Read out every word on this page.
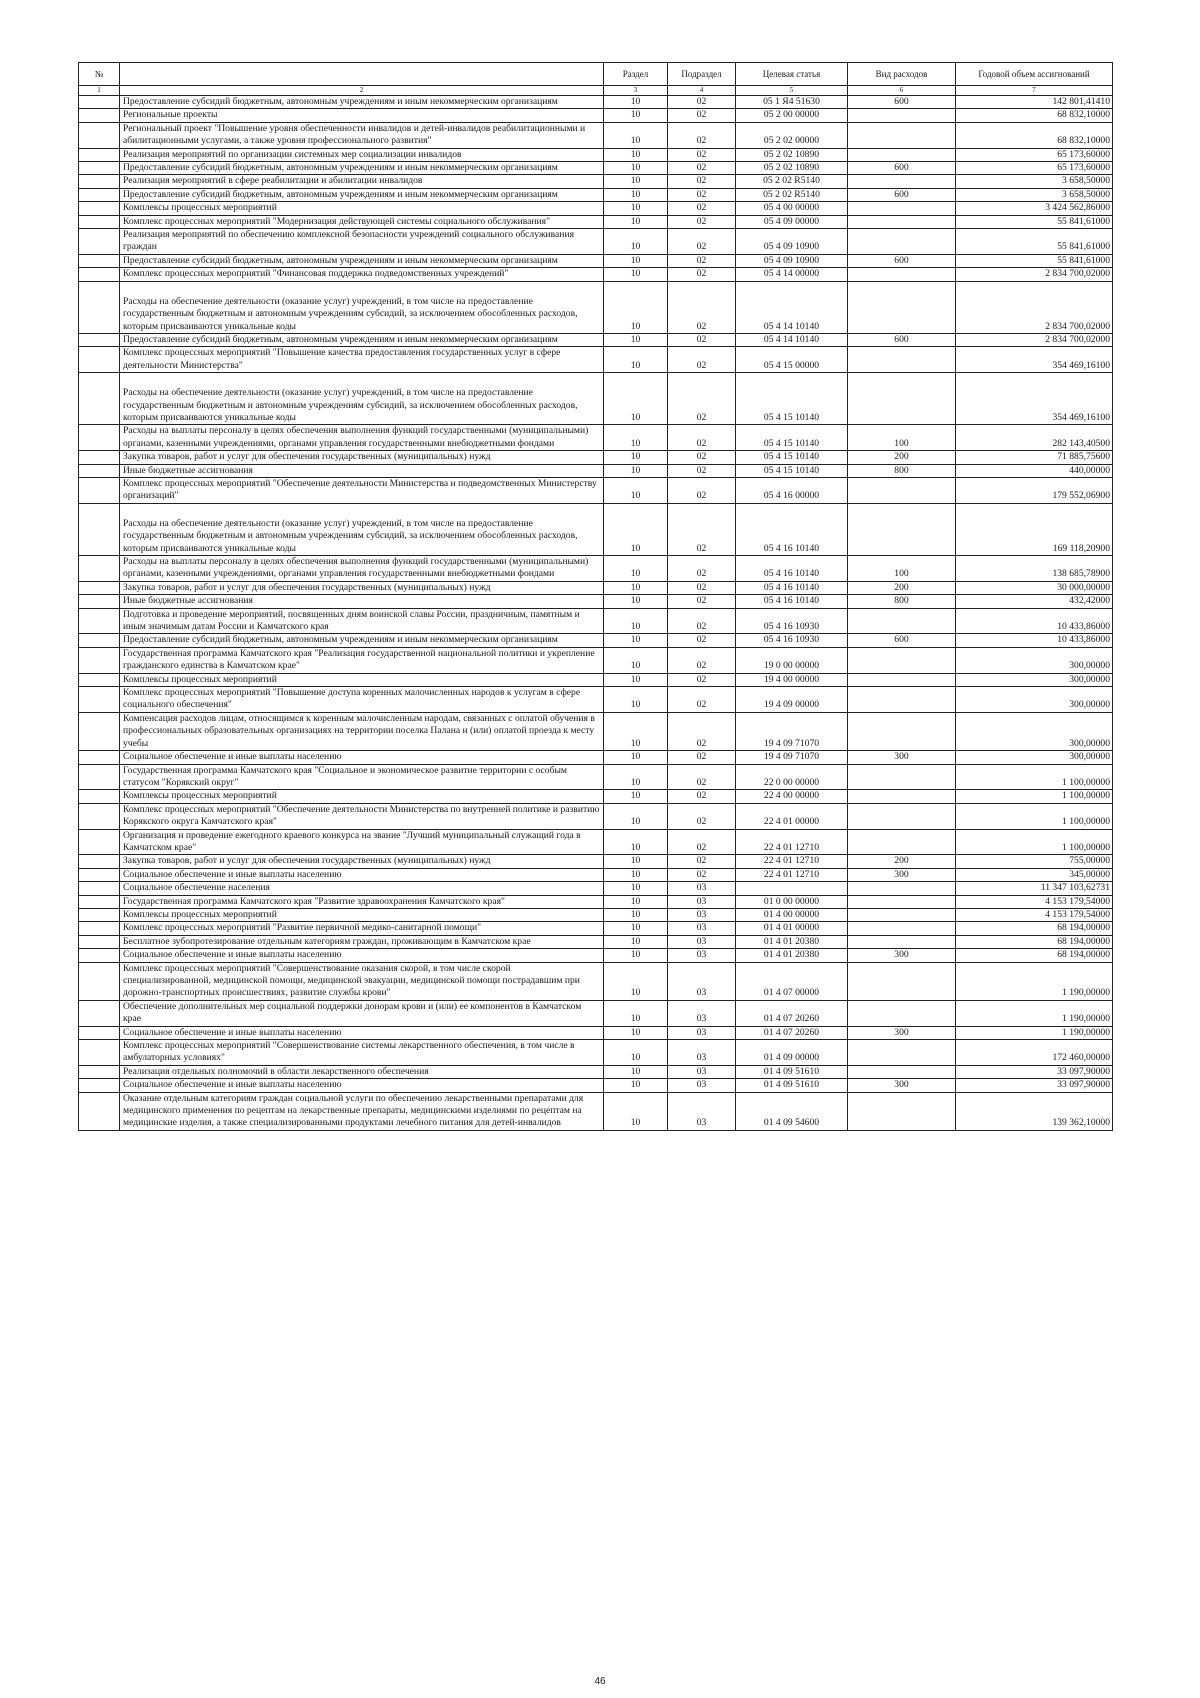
№		Раздел	Подраздел	Целевая статья	Вид расходов	Годовой объем ассигнований
1	2	3	4	5	6	7
	Предоставление субсидий бюджетным, автономным учреждениям и иным некоммерческим организациям	10	02	05 1 Я4 51630	600	142 801,41410
	Региональные проекты	10	02	05 2 00 00000		68 832,10000
	Региональный проект "Повышение уровня обеспеченности инвалидов и детей-инвалидов реабилитационными и абилитационными услугами, а также уровня профессионального развития"	10	02	05 2 02 00000		68 832,10000
	Реализация мероприятий по организации системных мер социализации инвалидов	10	02	05 2 02 10890		65 173,60000
	Предоставление субсидий бюджетным, автономным учреждениям и иным некоммерческим организациям	10	02	05 2 02 10890	600	65 173,60000
	Реализация мероприятий в сфере реабилитации и абилитации инвалидов	10	02	05 2 02 R5140		3 658,50000
	Предоставление субсидий бюджетным, автономным учреждениям и иным некоммерческим организациям	10	02	05 2 02 R5140	600	3 658,50000
	Комплексы процессных мероприятий	10	02	05 4 00 00000		3 424 562,86000
	Комплекс процессных мероприятий "Модернизация действующей системы социального обслуживания"	10	02	05 4 09 00000		55 841,61000
	Реализация мероприятий по обеспечению комплексной безопасности учреждений социального обслуживания граждан	10	02	05 4 09 10900		55 841,61000
	Предоставление субсидий бюджетным, автономным учреждениям и иным некоммерческим организациям	10	02	05 4 09 10900	600	55 841,61000
	Комплекс процессных мероприятий "Финансовая поддержка подведомственных учреждений"	10	02	05 4 14 00000		2 834 700,02000
	Расходы на обеспечение деятельности (оказание услуг) учреждений, в том числе на предоставление государственным бюджетным и автономным учреждениям субсидий, за исключением обособленных расходов, которым присваиваются уникальные коды	10	02	05 4 14 10140		2 834 700,02000
	Предоставление субсидий бюджетным, автономным учреждениям и иным некоммерческим организациям	10	02	05 4 14 10140	600	2 834 700,02000
	Комплекс процессных мероприятий "Повышение качества предоставления государственных услуг в сфере деятельности Министерства"	10	02	05 4 15 00000		354 469,16100
	Расходы на обеспечение деятельности (оказание услуг) учреждений, в том числе на предоставление государственным бюджетным и автономным учреждениям субсидий, за исключением обособленных расходов, которым присваиваются уникальные коды	10	02	05 4 15 10140		354 469,16100
	Расходы на выплаты персоналу в целях обеспечения выполнения функций государственными (муниципальными) органами, казенными учреждениями, органами управления государственными внебюджетными фондами	10	02	05 4 15 10140	100	282 143,40500
	Закупка товаров, работ и услуг для обеспечения государственных (муниципальных) нужд	10	02	05 4 15 10140	200	71 885,75600
	Иные бюджетные ассигнования	10	02	05 4 15 10140	800	440,00000
	Комплекс процессных мероприятий "Обеспечение деятельности Министерства и подведомственных Министерству организаций"	10	02	05 4 16 00000		179 552,06900
	Расходы на обеспечение деятельности (оказание услуг) учреждений, в том числе на предоставление государственным бюджетным и автономным учреждениям субсидий, за исключением обособленных расходов, которым присваиваются уникальные коды	10	02	05 4 16 10140		169 118,20900
	Расходы на выплаты персоналу в целях обеспечения выполнения функций государственными (муниципальными) органами, казенными учреждениями, органами управления государственными внебюджетными фондами	10	02	05 4 16 10140	100	138 685,78900
	Закупка товаров, работ и услуг для обеспечения государственных (муниципальных) нужд	10	02	05 4 16 10140	200	30 000,00000
	Иные бюджетные ассигнования	10	02	05 4 16 10140	800	432,42000
	Подготовка и проведение мероприятий, посвященных дням воинской славы России, праздничным, памятным и иным значимым датам России и Камчатского края	10	02	05 4 16 10930		10 433,86000
	Предоставление субсидий бюджетным, автономным учреждениям и иным некоммерческим организациям	10	02	05 4 16 10930	600	10 433,86000
	Государственная программа Камчатского края "Реализация государственной национальной политики и укрепление гражданского единства в Камчатском крае"	10	02	19 0 00 00000		300,00000
	Комплексы процессных мероприятий	10	02	19 4 00 00000		300,00000
	Комплекс процессных мероприятий "Повышение доступа коренных малочисленных народов к услугам в сфере социального обеспечения"	10	02	19 4 09 00000		300,00000
	Компенсация расходов лицам, относящимся к коренным малочисленным народам, связанных с оплатой обучения в профессиональных образовательных организациях на территории поселка Палана и (или) оплатой проезда к месту учебы	10	02	19 4 09 71070		300,00000
	Социальное обеспечение и иные выплаты населению	10	02	19 4 09 71070	300	300,00000
	Государственная программа Камчатского края "Социальное и экономическое развитие территории с особым статусом "Корякский округ"	10	02	22 0 00 00000		1 100,00000
	Комплексы процессных мероприятий	10	02	22 4 00 00000		1 100,00000
	Комплекс процессных мероприятий "Обеспечение деятельности Министерства по внутренней политике и развитию Корякского округа Камчатского края"	10	02	22 4 01 00000		1 100,00000
	Организация и проведение ежегодного краевого конкурса на звание "Лучший муниципальный служащий года в Камчатском крае"	10	02	22 4 01 12710		1 100,00000
	Закупка товаров, работ и услуг для обеспечения государственных (муниципальных) нужд	10	02	22 4 01 12710	200	755,00000
	Социальное обеспечение и иные выплаты населению	10	02	22 4 01 12710	300	345,00000
	Социальное обеспечение населения	10	03			11 347 103,62731
	Государственная программа Камчатского края "Развитие здравоохранения Камчатского края"	10	03	01 0 00 00000		4 153 179,54000
	Комплексы процессных мероприятий	10	03	01 4 00 00000		4 153 179,54000
	Комплекс процессных мероприятий "Развитие первичной медико-санитарной помощи"	10	03	01 4 01 00000		68 194,00000
	Бесплатное зубопротезирование отдельным категориям граждан, проживающим в Камчатском крае	10	03	01 4 01 20380		68 194,00000
	Социальное обеспечение и иные выплаты населению	10	03	01 4 01 20380	300	68 194,00000
	Комплекс процессных мероприятий "Совершенствование оказания скорой, в том числе скорой специализированной, медицинской помощи, медицинской эвакуации, медицинской помощи пострадавшим при дорожно-транспортных происшествиях, развитие службы крови"	10	03	01 4 07 00000		1 190,00000
	Обеспечение дополнительных мер социальной поддержки донорам крови и (или) ее компонентов в Камчатском крае	10	03	01 4 07 20260		1 190,00000
	Социальное обеспечение и иные выплаты населению	10	03	01 4 07 20260	300	1 190,00000
	Комплекс процессных мероприятий "Совершенствование системы лекарственного обеспечения, в том числе в амбулаторных условиях"	10	03	01 4 09 00000		172 460,00000
	Реализация отдельных полномочий в области лекарственного обеспечения	10	03	01 4 09 51610		33 097,90000
	Социальное обеспечение и иные выплаты населению	10	03	01 4 09 51610	300	33 097,90000
	Оказание отдельным категориям граждан социальной услуги по обеспечению лекарственными препаратами для медицинского применения по рецептам на лекарственные препараты, медицинскими изделиями по рецептам на медицинские изделия, а также специализированными продуктами лечебного питания для детей-инвалидов	10	03	01 4 09 54600		139 362,10000
46
